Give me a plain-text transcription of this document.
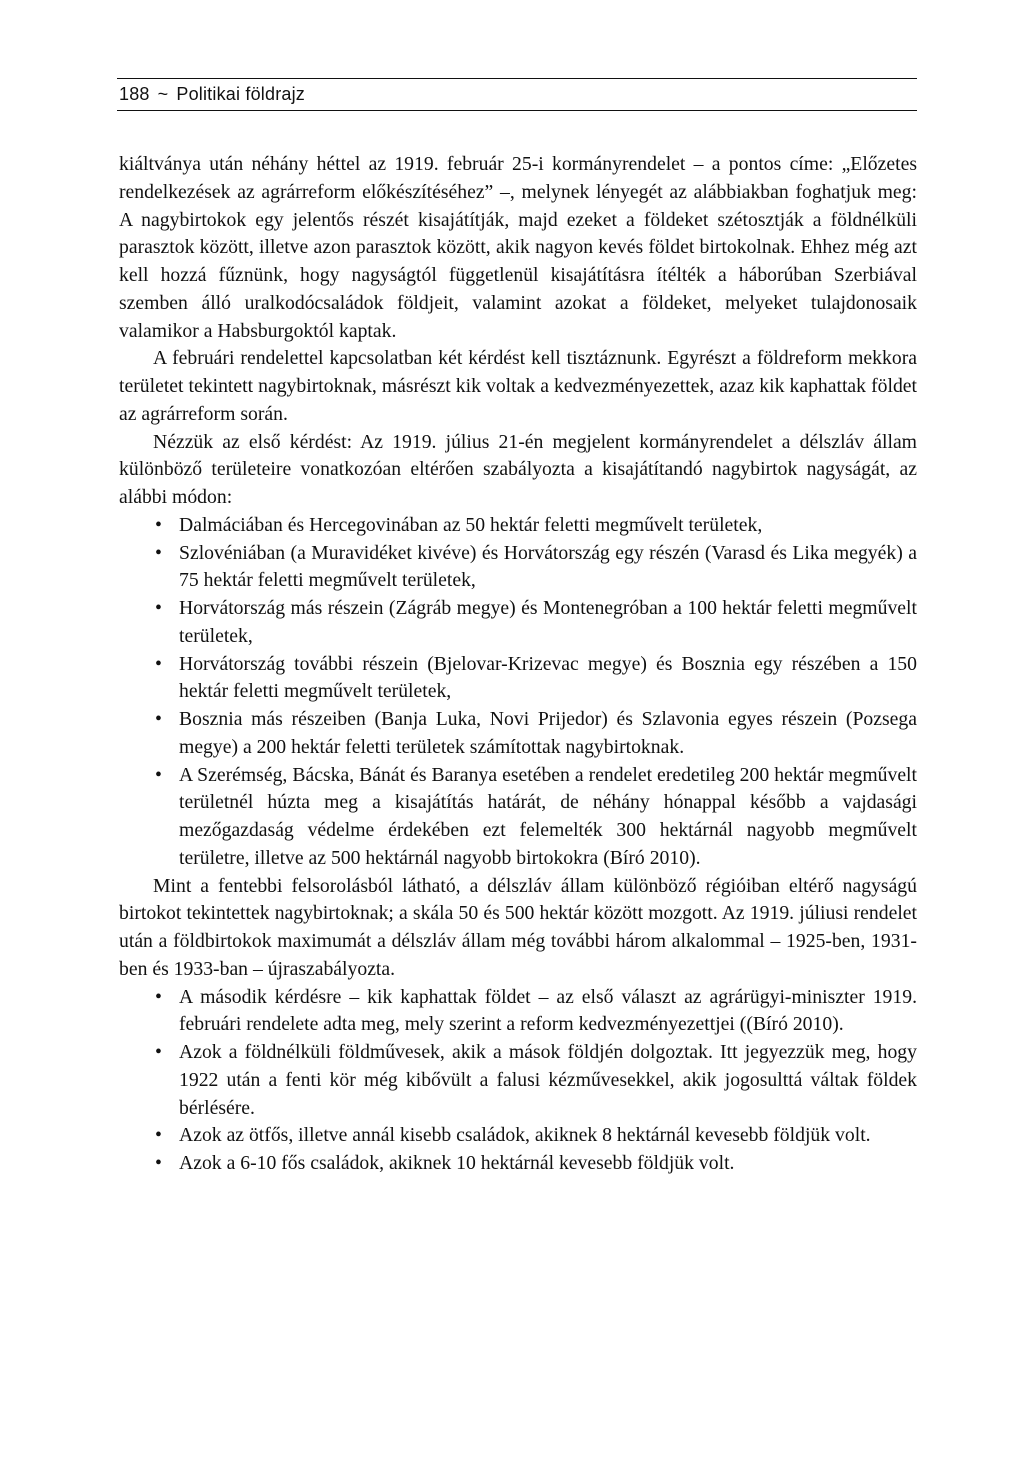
188 ~ Politikai földrajz

kiáltványa után néhány héttel az 1919. február 25-i kormányrendelet – a pontos címe: „Előzetes rendelkezések az agrárreform előkészítéséhez” –, melynek lényegét az alábbiakban foghatjuk meg: A nagybirtokok egy jelentős részét kisajátítják, majd ezeket a földeket szétosztják a földnélküli parasztok között, illetve azon parasztok között, akik nagyon kevés földet birtokolnak. Ehhez még azt kell hozzá fűznünk, hogy nagyságtól függetlenül kisajátításra ítélték a háborúban Szerbiával szemben álló uralkodócsaládok földjeit, valamint azokat a földeket, melyeket tulajdonosaik valamikor a Habsburgoktól kaptak.

A februári rendelettel kapcsolatban két kérdést kell tisztáznunk. Egyrészt a földreform mekkora területet tekintett nagybirtoknak, másrészt kik voltak a kedvezményezettek, azaz kik kaphattak földet az agrárreform során.

Nézzük az első kérdést: Az 1919. július 21-én megjelent kormányrendelet a délszláv állam különböző területeire vonatkozóan eltérően szabályozta a kisajátítandó nagybirtok nagyságát, az alábbi módon:

• Dalmáciában és Hercegovinában az 50 hektár feletti megművelt területek,
• Szlovéniában (a Muravidéket kivéve) és Horvátország egy részén (Varasd és Lika megyék) a 75 hektár feletti megművelt területek,
• Horvátország más részein (Zágráb megye) és Montenegróban a 100 hektár feletti megművelt területek,
• Horvátország további részein (Bjelovar-Krizevac megye) és Bosznia egy részében a 150 hektár feletti megművelt területek,
• Bosznia más részeiben (Banja Luka, Novi Prijedor) és Szlavonia egyes részein (Pozsega megye) a 200 hektár feletti területek számítottak nagybirtoknak.
• A Szerémség, Bácska, Bánát és Baranya esetében a rendelet eredetileg 200 hektár megművelt területnél húzta meg a kisajátítás határát, de néhány hónappal később a vajdasági mezőgazdaság védelme érdekében ezt felemelték 300 hektárnál nagyobb megművelt területre, illetve az 500 hektárnál nagyobb birtokokra (Bíró 2010).

Mint a fentebbi felsorolásból látható, a délszláv állam különböző régióiban eltérő nagyságú birtokot tekintettek nagybirtoknak; a skála 50 és 500 hektár között mozgott. Az 1919. júliusi rendelet után a földbirtokok maximumát a délszláv állam még további három alkalommal – 1925-ben, 1931-ben és 1933-ban – újraszabályozta.

• A második kérdésre – kik kaphattak földet – az első választ az agrárügyi-miniszter 1919. februári rendelete adta meg, mely szerint a reform kedvezményezettjei ((Bíró 2010).
• Azok a földnélküli földművesek, akik a mások földjén dolgoztak. Itt jegyezzük meg, hogy 1922 után a fenti kör még kibővült a falusi kézművesekkel, akik jogosulttá váltak földek bérlésére.
• Azok az ötfős, illetve annál kisebb családok, akiknek 8 hektárnál kevesebb földjük volt.
• Azok a 6-10 fős családok, akiknek 10 hektárnál kevesebb földjük volt.
